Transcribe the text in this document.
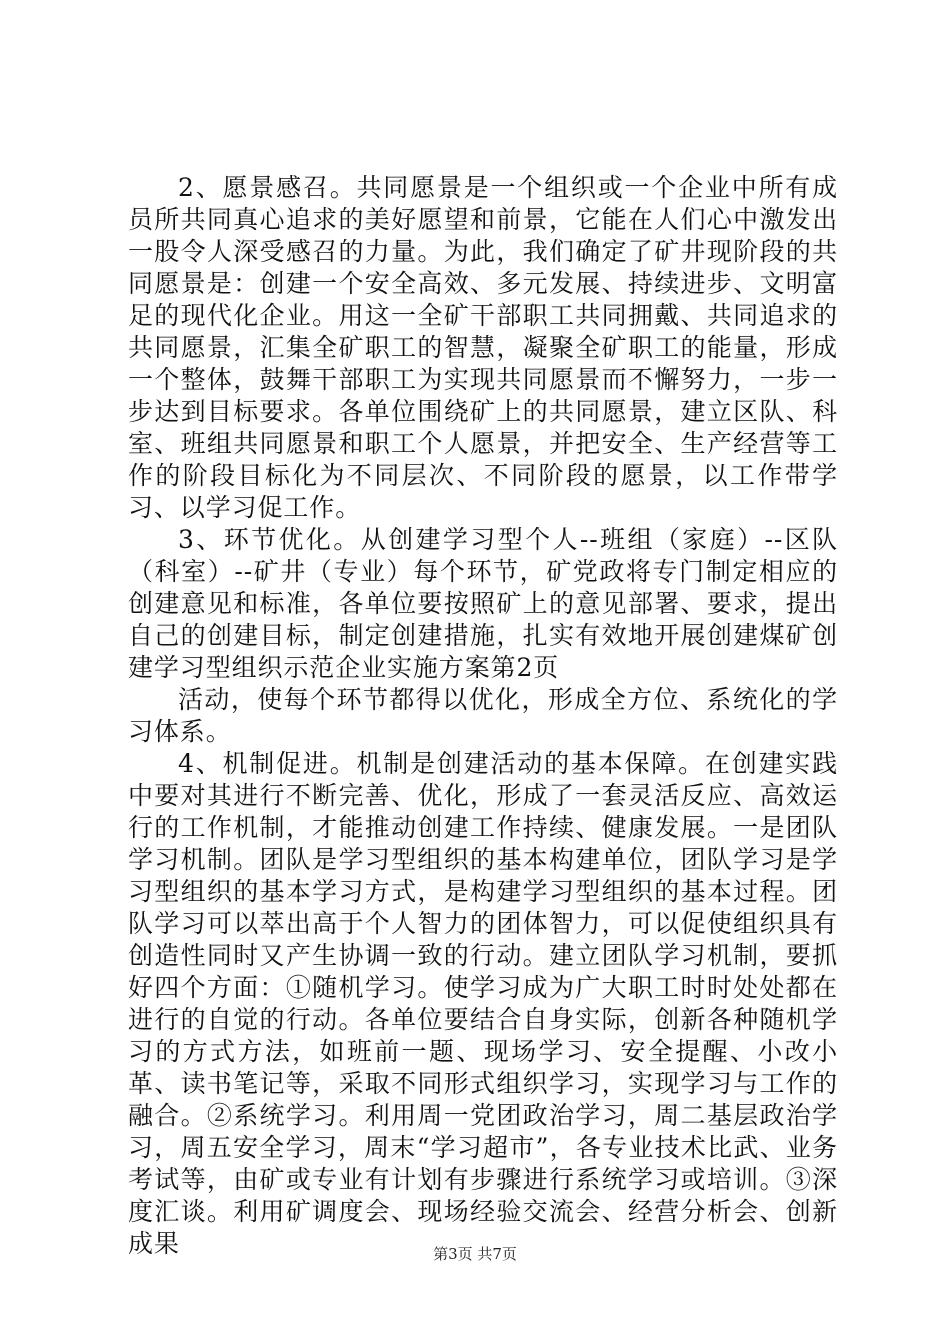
2、愿景感召。共同愿景是一个组织或一个企业中所有成员所共同真心追求的美好愿望和前景，它能在人们心中激发出一股令人深受感召的力量。为此，我们确定了矿井现阶段的共同愿景是：创建一个安全高效、多元发展、持续进步、文明富足的现代化企业。用这一全矿干部职工共同拥戴、共同追求的共同愿景，汇集全矿职工的智慧，凝聚全矿职工的能量，形成一个整体，鼓舞干部职工为实现共同愿景而不懈努力，一步一步达到目标要求。各单位围绕矿上的共同愿景，建立区队、科室、班组共同愿景和职工个人愿景，并把安全、生产经营等工作的阶段目标化为不同层次、不同阶段的愿景，以工作带学习、以学习促工作。

3、环节优化。从创建学习型个人--班组（家庭）--区队（科室）--矿井（专业）每个环节，矿党政将专门制定相应的创建意见和标准，各单位要按照矿上的意见部署、要求，提出自己的创建目标，制定创建措施，扎实有效地开展创建煤矿创建学习型组织示范企业实施方案第2页

活动，使每个环节都得以优化，形成全方位、系统化的学习体系。

4、机制促进。机制是创建活动的基本保障。在创建实践中要对其进行不断完善、优化，形成了一套灵活反应、高效运行的工作机制，才能推动创建工作持续、健康发展。一是团队学习机制。团队是学习型组织的基本构建单位，团队学习是学习型组织的基本学习方式，是构建学习型组织的基本过程。团队学习可以萃出高于个人智力的团体智力，可以促使组织具有创造性同时又产生协调一致的行动。建立团队学习机制，要抓好四个方面：①随机学习。使学习成为广大职工时时处处都在进行的自觉的行动。各单位要结合自身实际，创新各种随机学习的方式方法，如班前一题、现场学习、安全提醒、小改小革、读书笔记等，采取不同形式组织学习，实现学习与工作的融合。②系统学习。利用周一党团政治学习，周二基层政治学习，周五安全学习，周末“学习超市”，各专业技术比武、业务考试等，由矿或专业有计划有步骤进行系统学习或培训。③深度汇谈。利用矿调度会、现场经验交流会、经营分析会、创新成果	第3页 共7页
